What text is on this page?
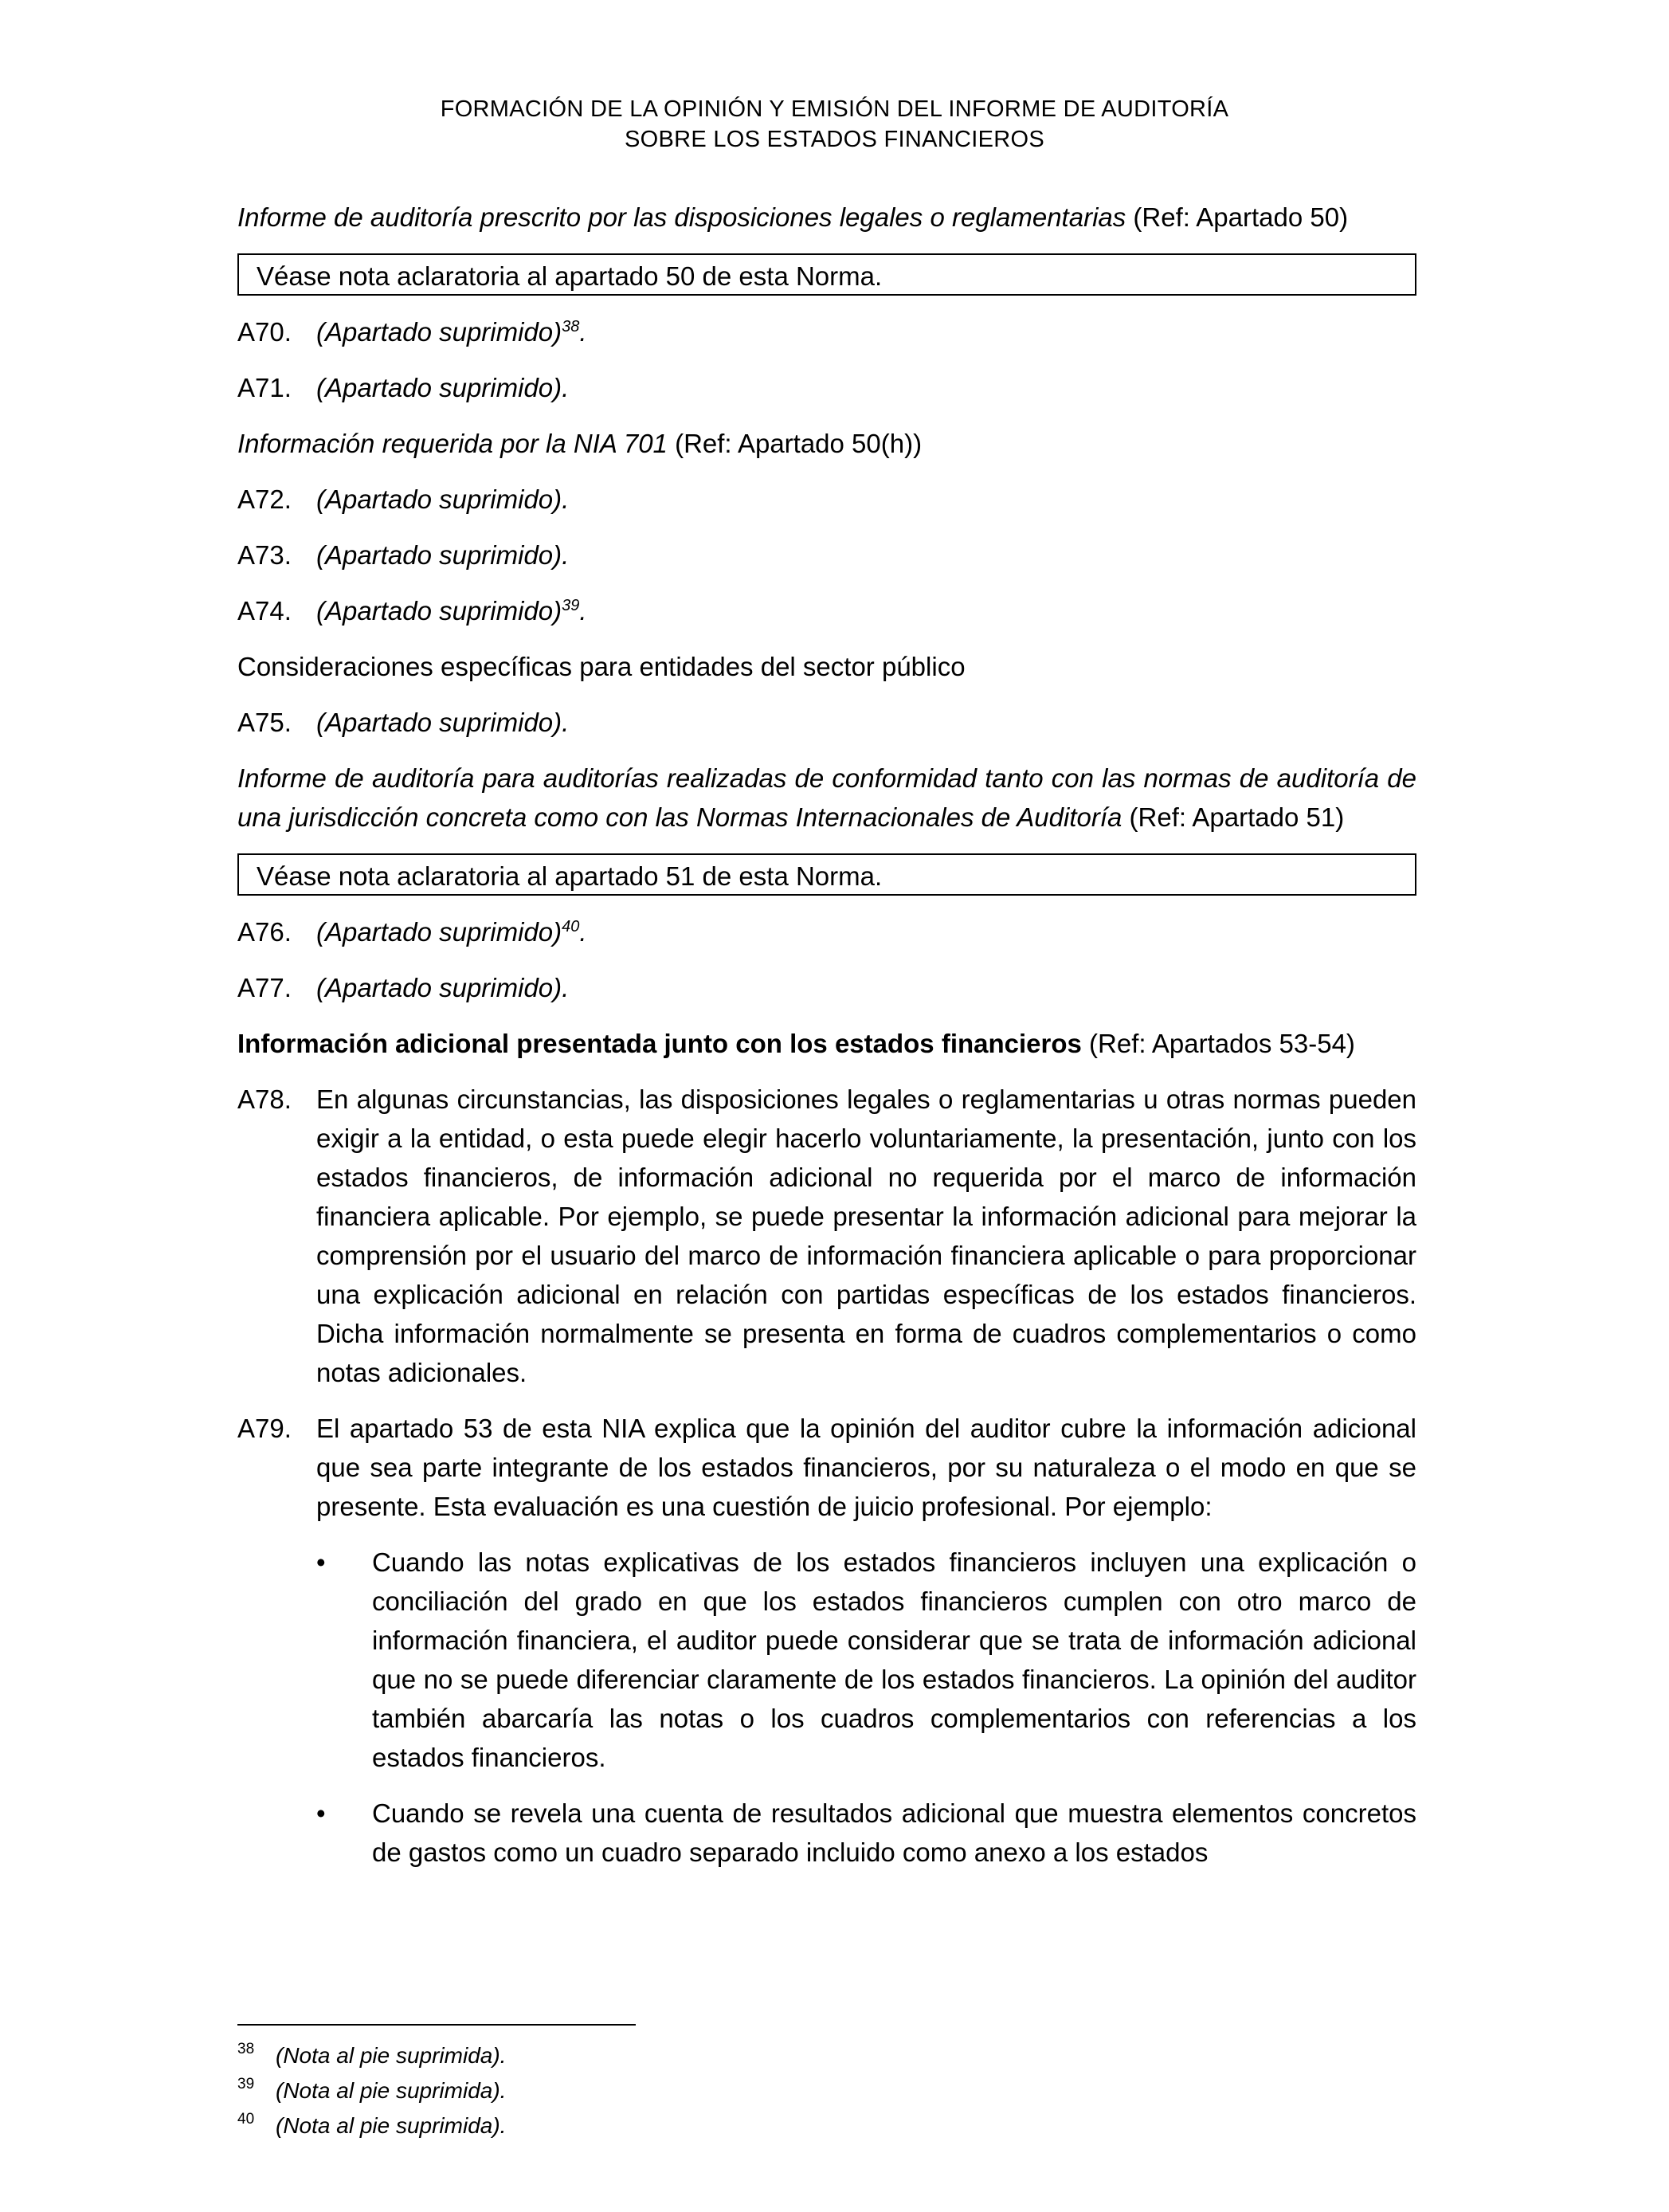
FORMACIÓN DE LA OPINIÓN Y EMISIÓN DEL INFORME DE AUDITORÍA
SOBRE LOS ESTADOS FINANCIEROS

Informe de auditoría prescrito por las disposiciones legales o reglamentarias (Ref: Apartado 50)

Véase nota aclaratoria al apartado 50 de esta Norma.
A70. (Apartado suprimido)$^{38}$.
A71. (Apartado suprimido).

Información requerida por la NIA 701 (Ref: Apartado 50(h))

A72. (Apartado suprimido).
A73. (Apartado suprimido).
A74. (Apartado suprimido)$^{39}$.

Consideraciones específicas para entidades del sector público

A75. (Apartado suprimido).

Informe de auditoría para auditorías realizadas de conformidad tanto con las normas de auditoría de una jurisdicción concreta como con las Normas Internacionales de Auditoría (Ref: Apartado 51)

Véase nota aclaratoria al apartado 51 de esta Norma.
A76. (Apartado suprimido)$^{40}$.
A77. (Apartado suprimido).

Información adicional presentada junto con los estados financieros (Ref: Apartados 53-54)

A78. En algunas circunstancias, las disposiciones legales o reglamentarias u otras normas pueden exigir a la entidad, o esta puede elegir hacerlo voluntariamente, la presentación, junto con los estados financieros, de información adicional no requerida por el marco de información financiera aplicable. Por ejemplo, se puede presentar la información adicional para mejorar la comprensión por el usuario del marco de información financiera aplicable o para proporcionar una explicación adicional en relación con partidas específicas de los estados financieros. Dicha información normalmente se presenta en forma de cuadros complementarios o como notas adicionales.
A79. El apartado 53 de esta NIA explica que la opinión del auditor cubre la información adicional que sea parte integrante de los estados financieros, por su naturaleza o el modo en que se presente. Esta evaluación es una cuestión de juicio profesional. Por ejemplo:
•	Cuando las notas explicativas de los estados financieros incluyen una explicación o conciliación del grado en que los estados financieros cumplen con otro marco de información financiera, el auditor puede considerar que se trata de información adicional que no se puede diferenciar claramente de los estados financieros. La opinión del auditor también abarcaría las notas o los cuadros complementarios con referencias a los estados financieros.
•	Cuando se revela una cuenta de resultados adicional que muestra elementos concretos de gastos como un cuadro separado incluido como anexo a los estados
38 (Nota al pie suprimida).
39 (Nota al pie suprimida).
40 (Nota al pie suprimida).
